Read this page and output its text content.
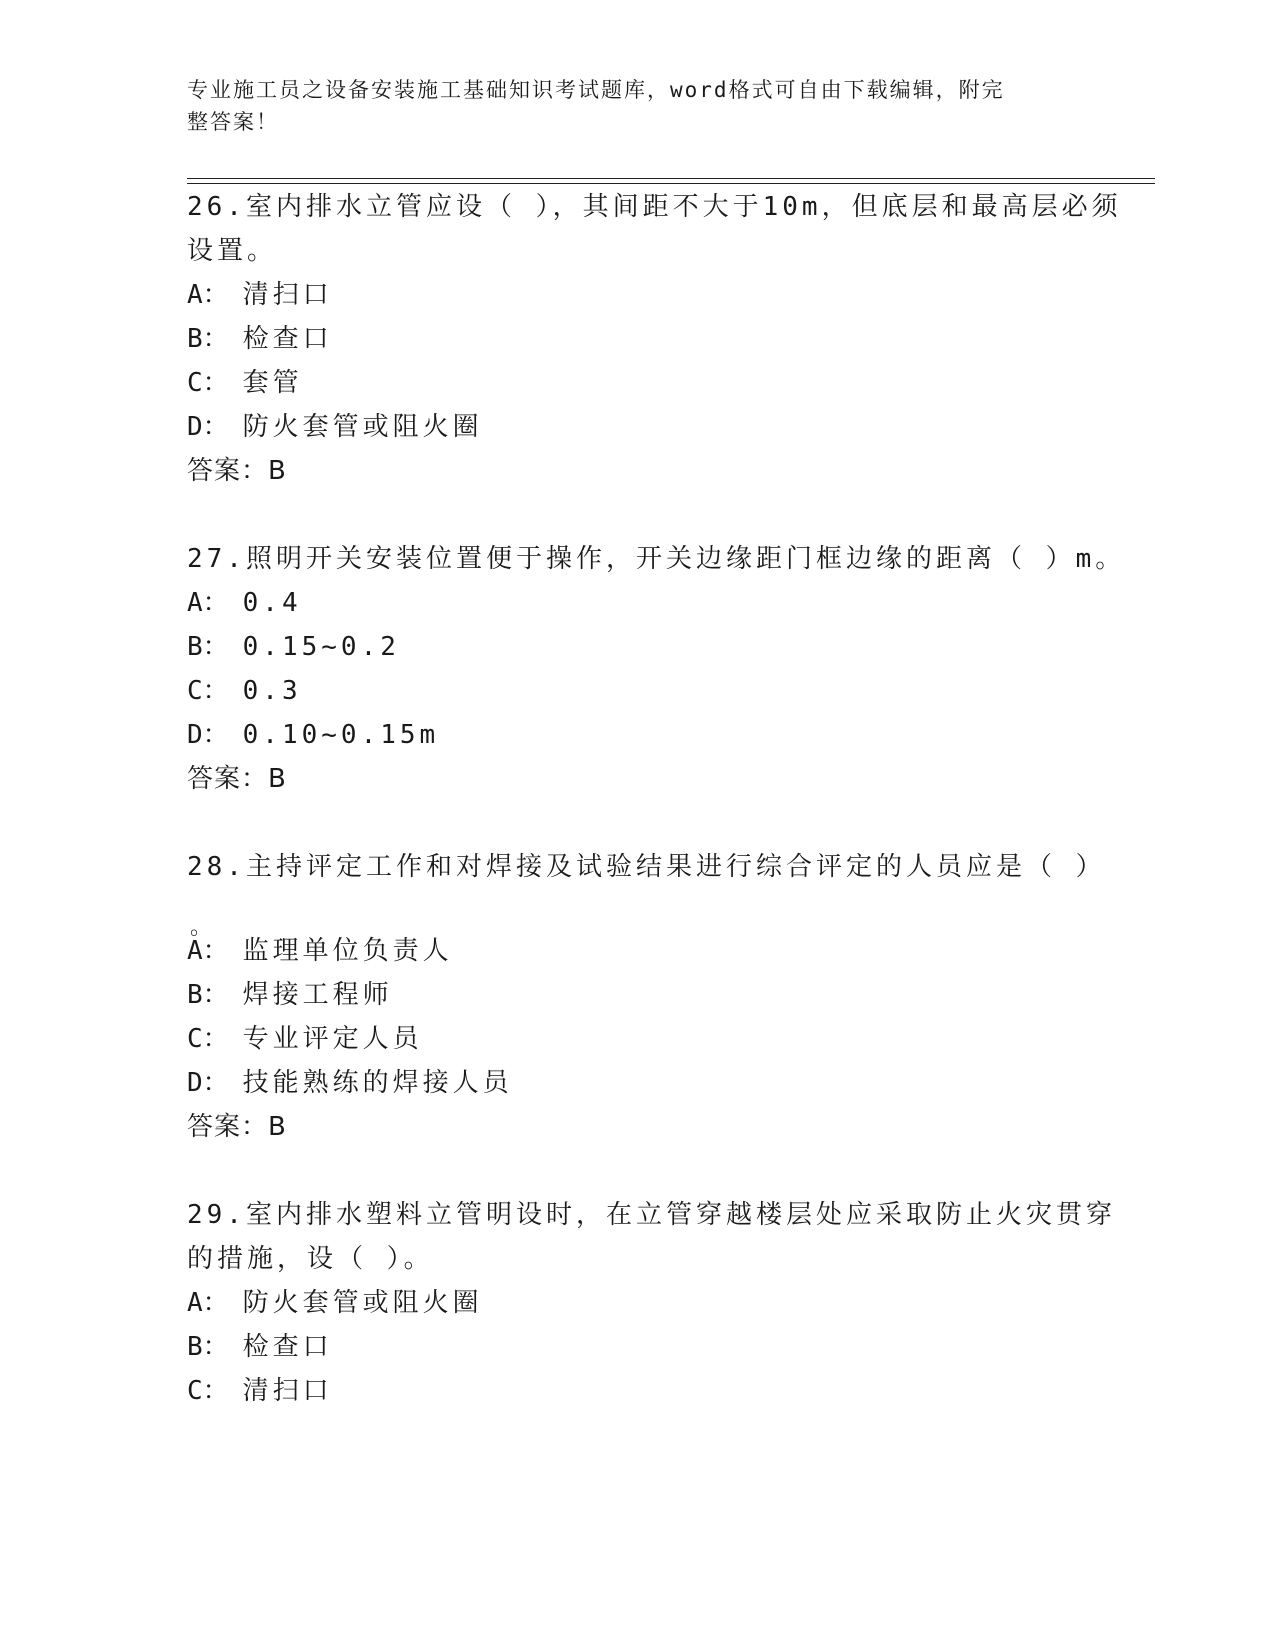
专业施工员之设备安装施工基础知识考试题库，word格式可自由下载编辑，附完
整答案！

26.室内排水立管应设（ ），其间距不大于10m，但底层和最高层必须

设置。

A： 清扫口

B： 检查口

C： 套管

D： 防火套管或阻火圈

答案：B

27.照明开关安装位置便于操作，开关边缘距门框边缘的距离（ ）m。

A： 0.4

B： 0.15~0.2

C： 0.3

D： 0.10~0.15m

答案：B

28.主持评定工作和对焊接及试验结果进行综合评定的人员应是（ ）

。

A： 监理单位负责人

B： 焊接工程师

C： 专业评定人员

D： 技能熟练的焊接人员

答案：B

29.室内排水塑料立管明设时，在立管穿越楼层处应采取防止火灾贯穿

的措施，设（ ）。

A： 防火套管或阻火圈

B： 检查口

C： 清扫口
